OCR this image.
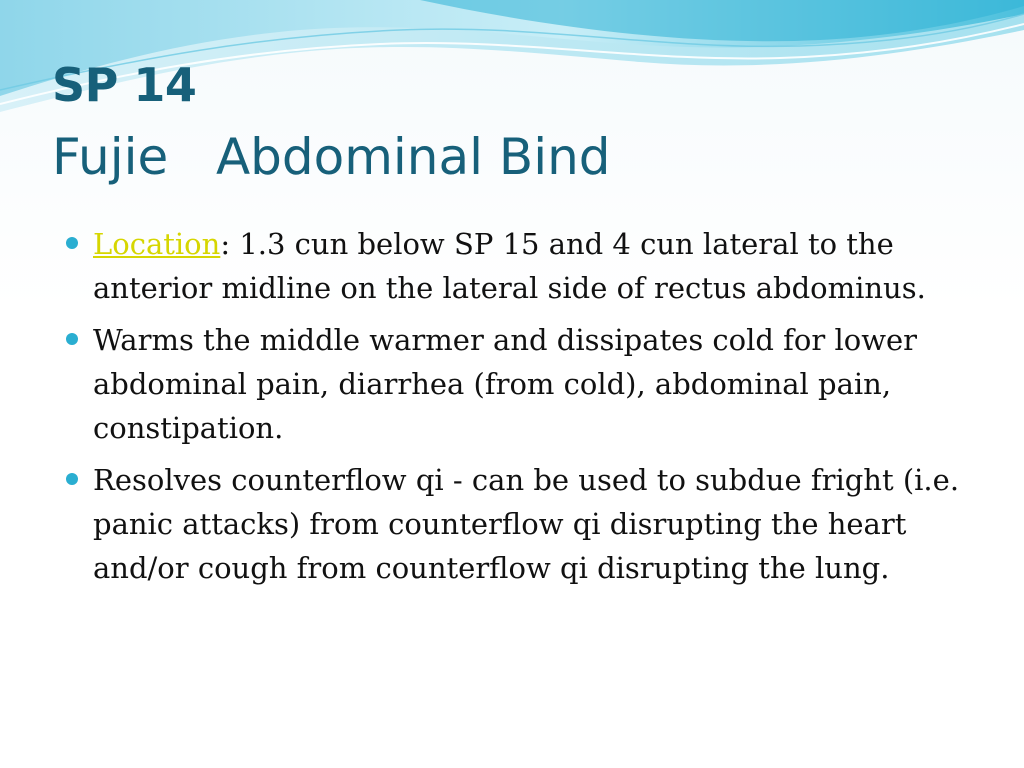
SP 14
Fujie   Abdominal Bind
Location: 1.3 cun below SP 15 and 4 cun lateral to the anterior midline on the lateral side of rectus abdominus.
Warms the middle warmer and dissipates cold for lower abdominal pain, diarrhea (from cold), abdominal pain, constipation.
Resolves counterflow qi - can be used to subdue fright (i.e. panic attacks) from counterflow qi disrupting the heart and/or cough from counterflow qi disrupting the lung.
